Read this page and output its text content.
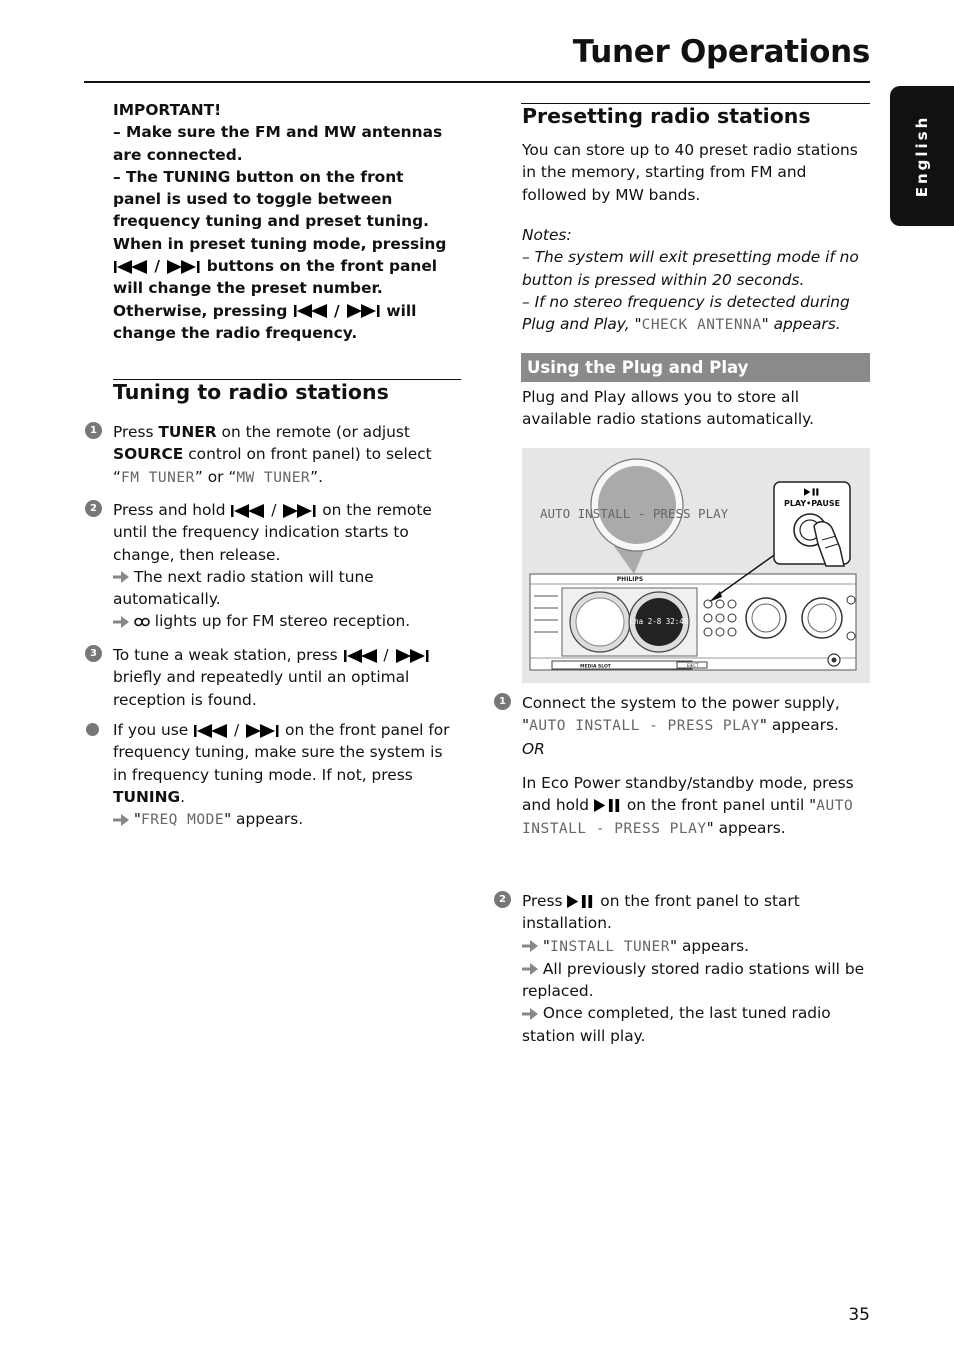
Tuner Operations
English
IMPORTANT!
– Make sure the FM and MW antennas are connected.
– The TUNING button on the front panel is used to toggle between frequency tuning and preset tuning. When in preset tuning mode, pressing  /  buttons on the front panel will change the preset number. Otherwise, pressing  /  will change the radio frequency.
Tuning to radio stations
1	Press TUNER on the remote (or adjust SOURCE control on front panel) to select “FM TUNER” or “MW TUNER”.
2	Press and hold  /  on the remote until the frequency indication starts to change, then release.
The next radio station will tune automatically.
lights up for FM stereo reception.
3	To tune a weak station, press  /  briefly and repeatedly until an optimal reception is found.
If you use  /  on the front panel for frequency tuning, make sure the system is in frequency tuning mode. If not, press TUNING.
"FREQ MODE" appears.
Presetting radio stations
You can store up to 40 preset radio stations in the memory, starting from FM and followed by MW bands.
Notes:
– The system will exit presetting mode if no button is pressed within 20 seconds.
– If no stereo frequency is detected during Plug and Play, "CHECK ANTENNA" appears.
Using the Plug and Play
Plug and Play allows you to store all available radio stations automatically.
Cha 2-8 32:48
PHILIPS
MEDIA SLOT	EJECT
AUTO INSTALL - PRESS PLAY
PLAY•PAUSE
1	Connect the system to the power supply, "AUTO INSTALL - PRESS PLAY" appears.
OR
In Eco Power standby/standby mode, press and hold  on the front panel until "AUTO INSTALL - PRESS PLAY" appears.
2	Press  on the front panel to start installation.
"INSTALL TUNER" appears.
All previously stored radio stations will be replaced.
Once completed, the last tuned radio station will play.
35
